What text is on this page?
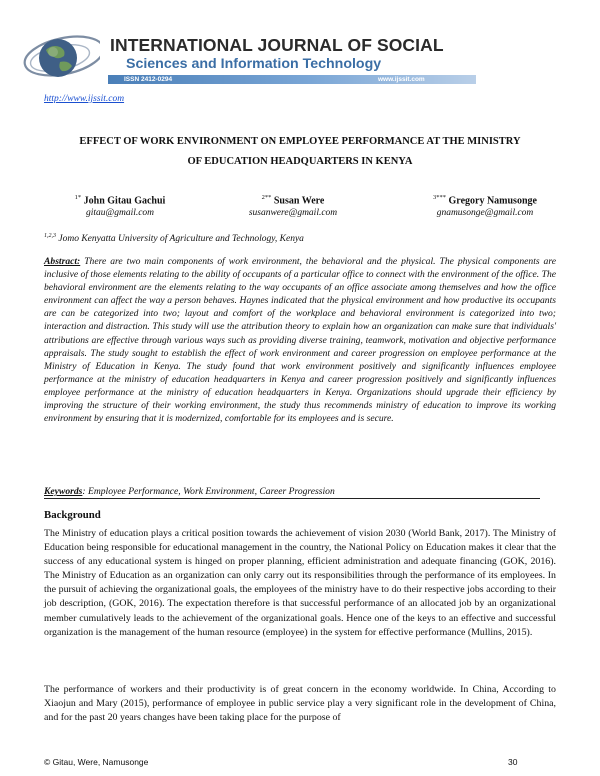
INTERNATIONAL JOURNAL OF SOCIAL
Sciences and Information Technology
ISSN 2412-0294	www.ijssit.com
http://www.ijssit.com
EFFECT OF WORK ENVIRONMENT ON EMPLOYEE PERFORMANCE AT THE MINISTRY
OF EDUCATION HEADQUARTERS IN KENYA
$^{1*}$ John Gitau Gachui
gitau@gmail.com
$^{2**}$ Susan Were
susanwere@gmail.com
$^{3***}$ Gregory Namusonge
gnamusonge@gmail.com
$^{1,2,3}$ Jomo Kenyatta University of Agriculture and Technology, Kenya
Abstract: There are two main components of work environment, the behavioral and the physical. The physical components are inclusive of those elements relating to the ability of occupants of a particular office to connect with the environment of the office. The behavioral environment are the elements relating to the way occupants of an office associate among themselves and how the office environment can affect the way a person behaves. Haynes indicated that the physical environment and how productive its occupants are can be categorized into two; layout and comfort of the workplace and behavioral environment is categorized into two; interaction and distraction. This study will use the attribution theory to explain how an organization can make sure that individuals' attributions are effective through various ways such as providing diverse training, teamwork, motivation and objective performance appraisals. The study sought to establish the effect of work environment and career progression on employee performance at the Ministry of Education in Kenya. The study found that work environment positively and significantly influences employee performance at the ministry of education headquarters in Kenya and career progression positively and significantly influences employee performance at the ministry of education headquarters in Kenya. Organizations should upgrade their efficiency by improving the structure of their working environment, the study thus recommends ministry of education to improve its working environment by ensuring that it is modernized, comfortable for its employees and is secure.
Keywords: Employee Performance, Work Environment, Career Progression
Background
The Ministry of education plays a critical position towards the achievement of vision 2030 (World Bank, 2017). The Ministry of Education being responsible for educational management in the country, the National Policy on Education makes it clear that the success of any educational system is hinged on proper planning, efficient administration and adequate financing (GOK, 2016). The Ministry of Education as an organization can only carry out its responsibilities through the performance of its employees. In the pursuit of achieving the organizational goals, the employees of the ministry have to do their respective jobs according to their job description, (GOK, 2016). The expectation therefore is that successful performance of an allocated job by an organizational member cumulatively leads to the achievement of the organizational goals. Hence one of the keys to an effective and successful organization is the management of the human resource (employee) in the system for effective performance (Mullins, 2015).
The performance of workers and their productivity is of great concern in the economy worldwide. In China, According to Xiaojun and Mary (2015), performance of employee in public service play a very significant role in the development of China, and for the past 20 years changes have been taking place for the purpose of
© Gitau, Were, Namusonge	30
